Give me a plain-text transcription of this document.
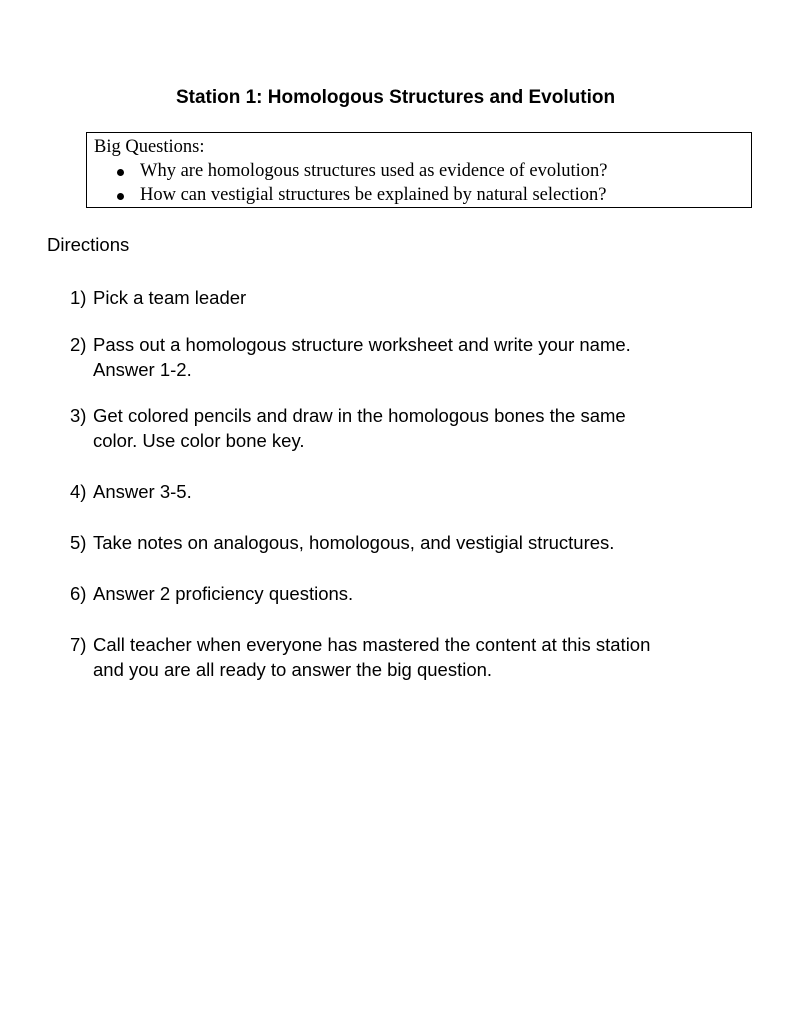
Station 1: Homologous Structures and Evolution
Big Questions:
Why are homologous structures used as evidence of evolution?
How can vestigial structures be explained by natural selection?
Directions
1) Pick a team leader
2) Pass out a homologous structure worksheet and write your name.
Answer 1-2.
3) Get colored pencils and draw in the homologous bones the same
color. Use color bone key.
4) Answer 3-5.
5) Take notes on analogous, homologous, and vestigial structures.
6) Answer 2 proficiency questions.
7) Call teacher when everyone has mastered the content at this station
and you are all ready to answer the big question.
